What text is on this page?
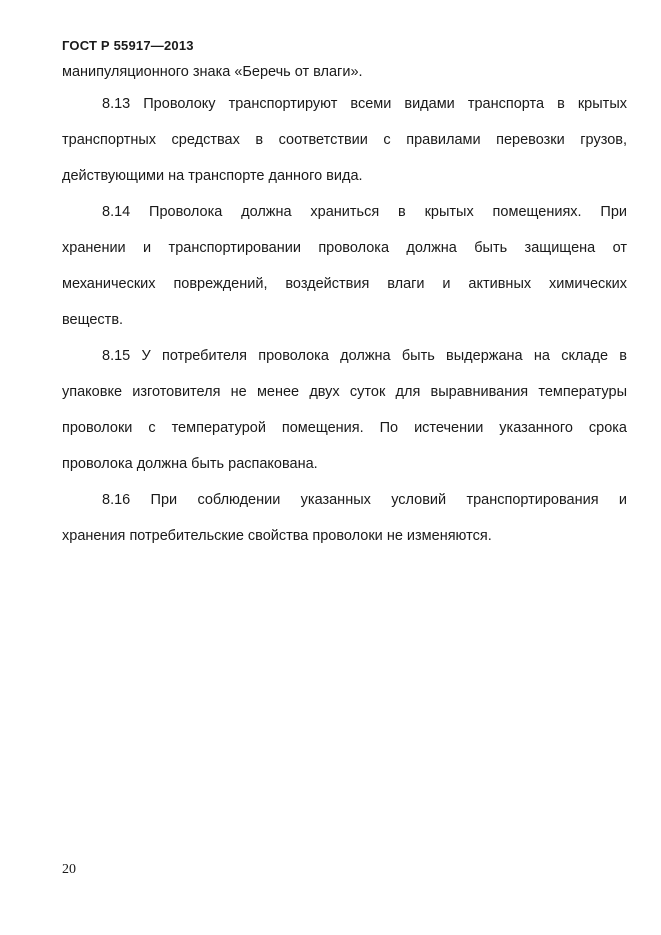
ГОСТ Р 55917—2013
манипуляционного знака «Беречь от влаги».
8.13 Проволоку транспортируют всеми видами транспорта в крытых
транспортных средствах в соответствии с правилами перевозки грузов,
действующими на транспорте данного вида.
8.14 Проволока должна храниться в крытых помещениях. При
хранении и транспортировании проволока должна быть защищена от
механических повреждений, воздействия влаги и активных химических
веществ.
8.15 У потребителя проволока должна быть выдержана на складе в
упаковке изготовителя не менее двух суток для выравнивания температуры
проволоки с температурой помещения. По истечении указанного срока
проволока должна быть распакована.
8.16 При соблюдении указанных условий транспортирования и
хранения потребительские свойства проволоки не изменяются.
20
